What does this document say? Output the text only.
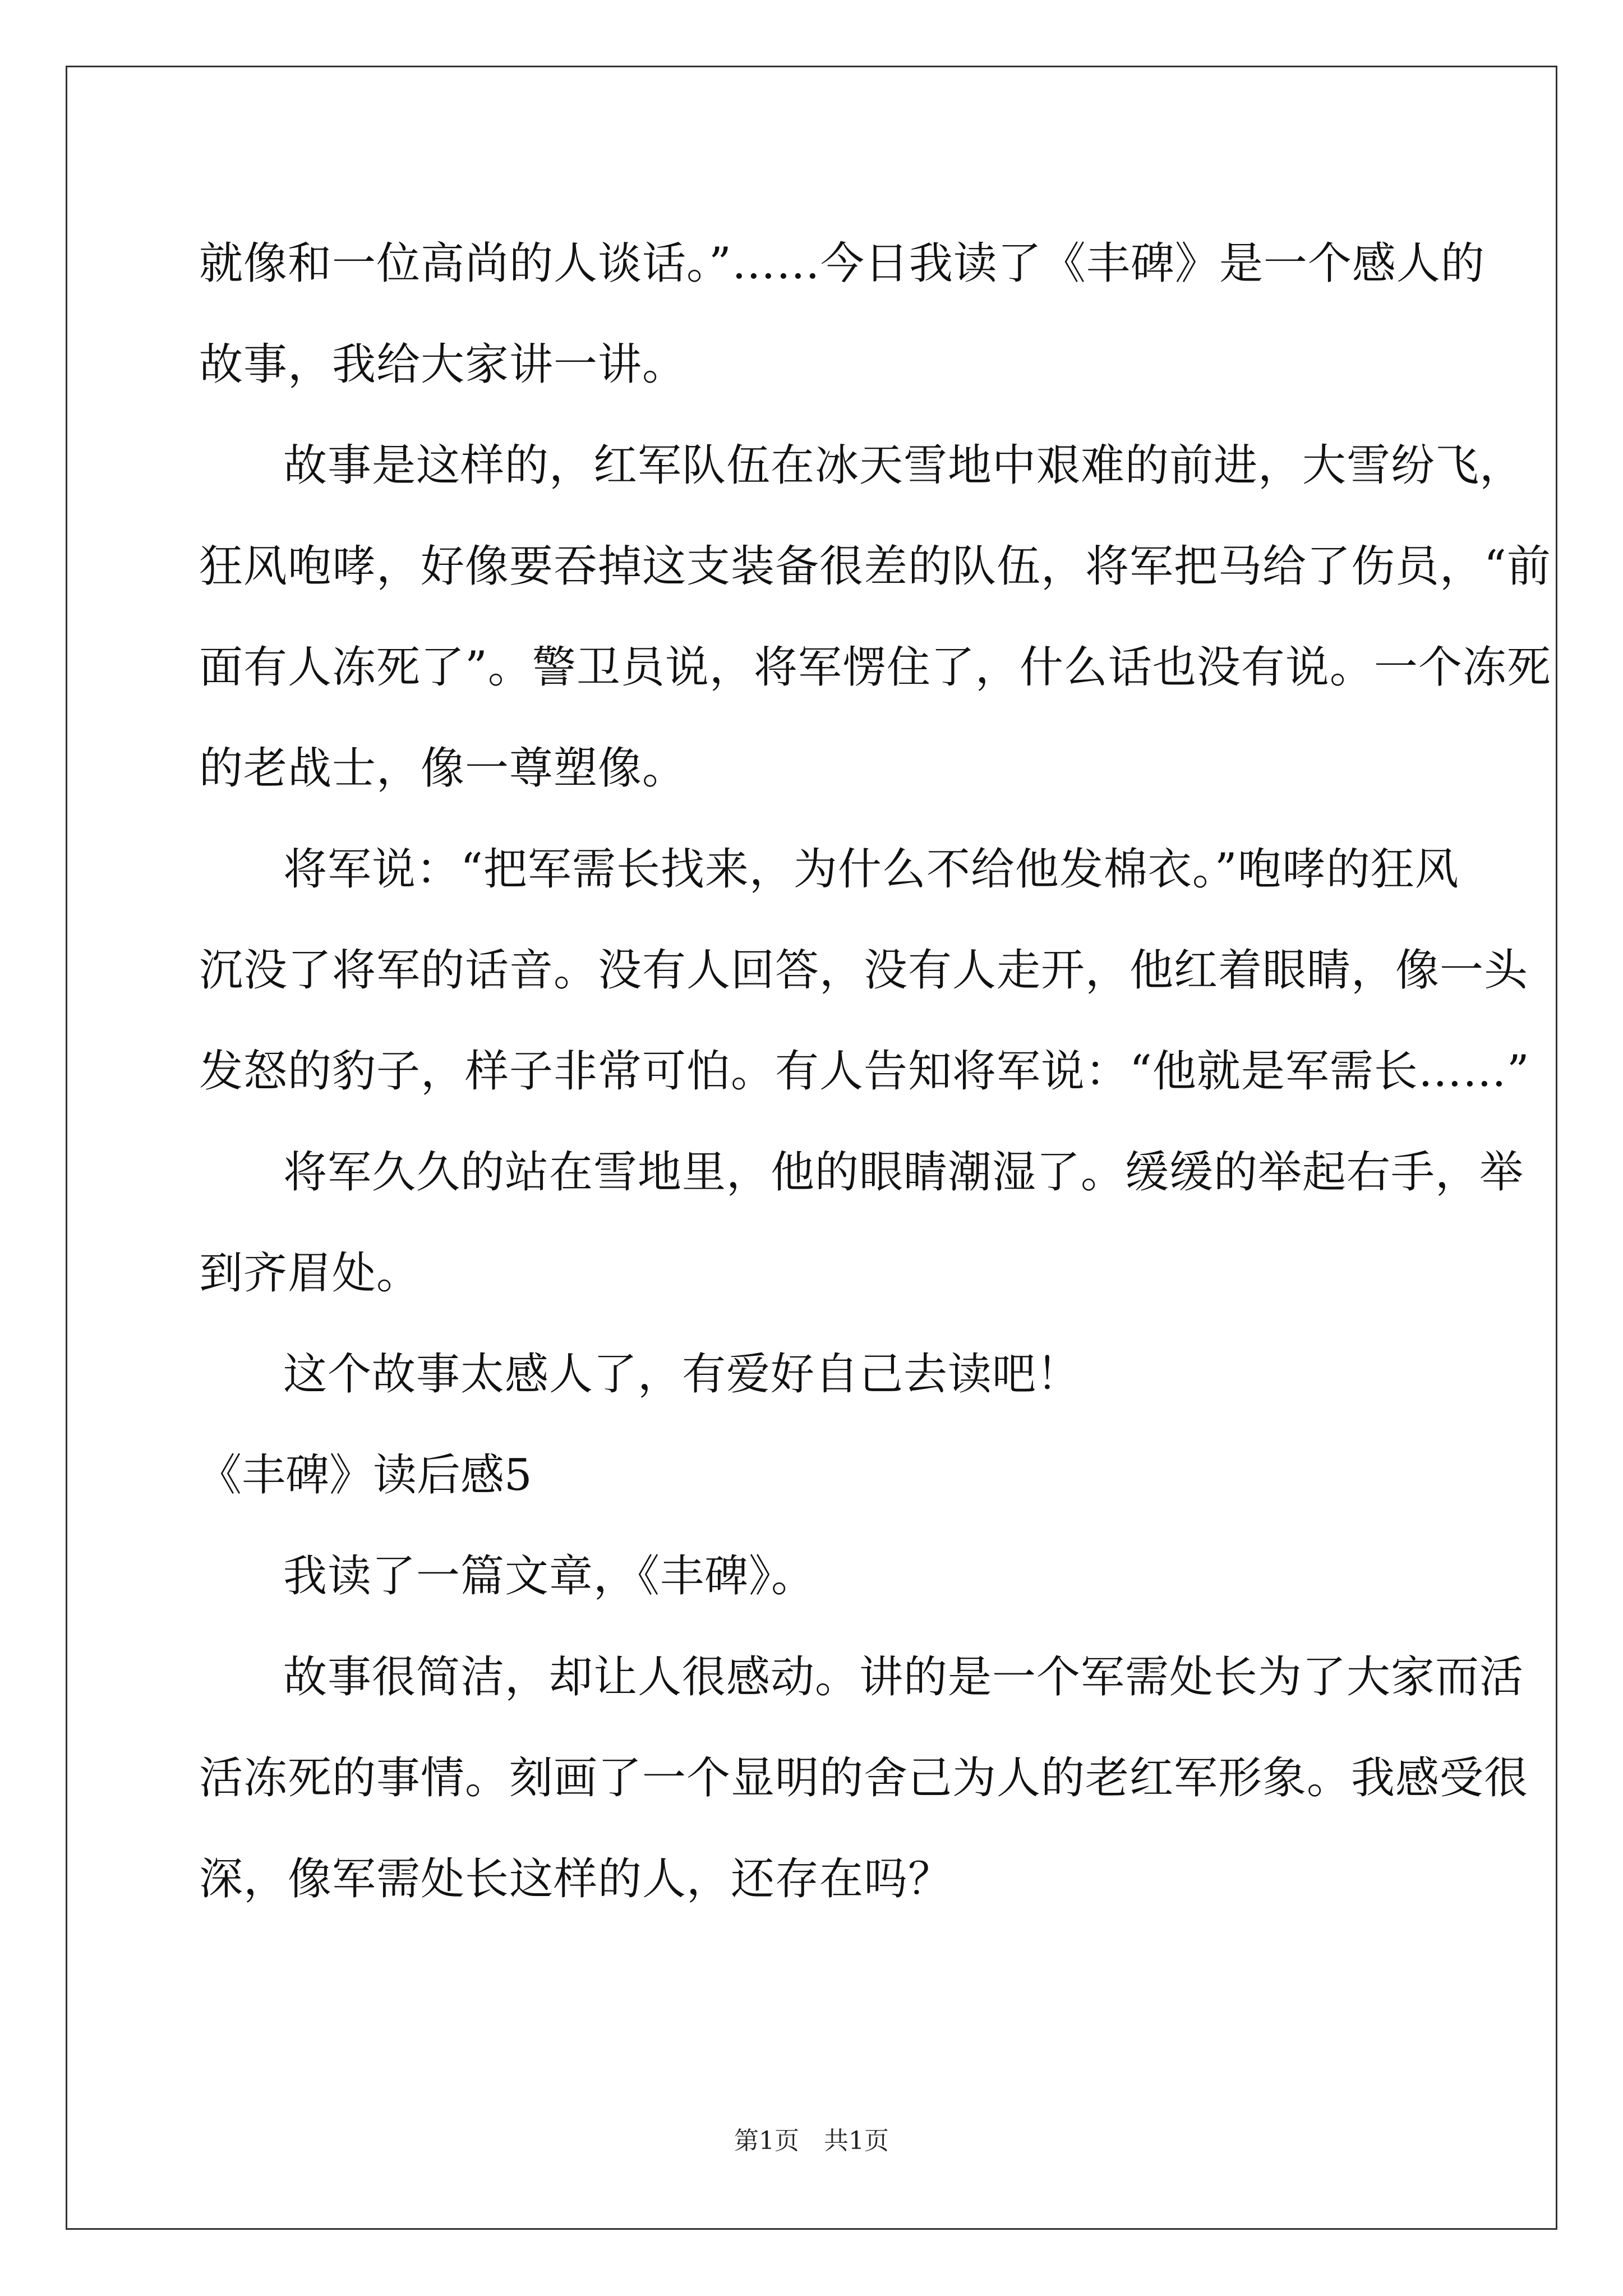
就像和一位高尚的人谈话。”……今日我读了《丰碑》是一个感人的
故事，我给大家讲一讲。
故事是这样的，红军队伍在冰天雪地中艰难的前进，大雪纷飞，
狂风咆哮，好像要吞掉这支装备很差的队伍，将军把马给了伤员，“前
面有人冻死了”。警卫员说，将军愣住了，什么话也没有说。一个冻死
的老战士，像一尊塑像。
将军说：“把军需长找来，为什么不给他发棉衣。”咆哮的狂风
沉没了将军的话音。没有人回答，没有人走开，他红着眼睛，像一头
发怒的豹子，样子非常可怕。有人告知将军说：“他就是军需长……”
将军久久的站在雪地里，他的眼睛潮湿了。缓缓的举起右手，举
到齐眉处。
这个故事太感人了，有爱好自己去读吧！
《丰碑》读后感5
我读了一篇文章，《丰碑》。
故事很简洁，却让人很感动。讲的是一个军需处长为了大家而活
活冻死的事情。刻画了一个显明的舍己为人的老红军形象。我感受很
深，像军需处长这样的人，还存在吗？
第1页　共1页
